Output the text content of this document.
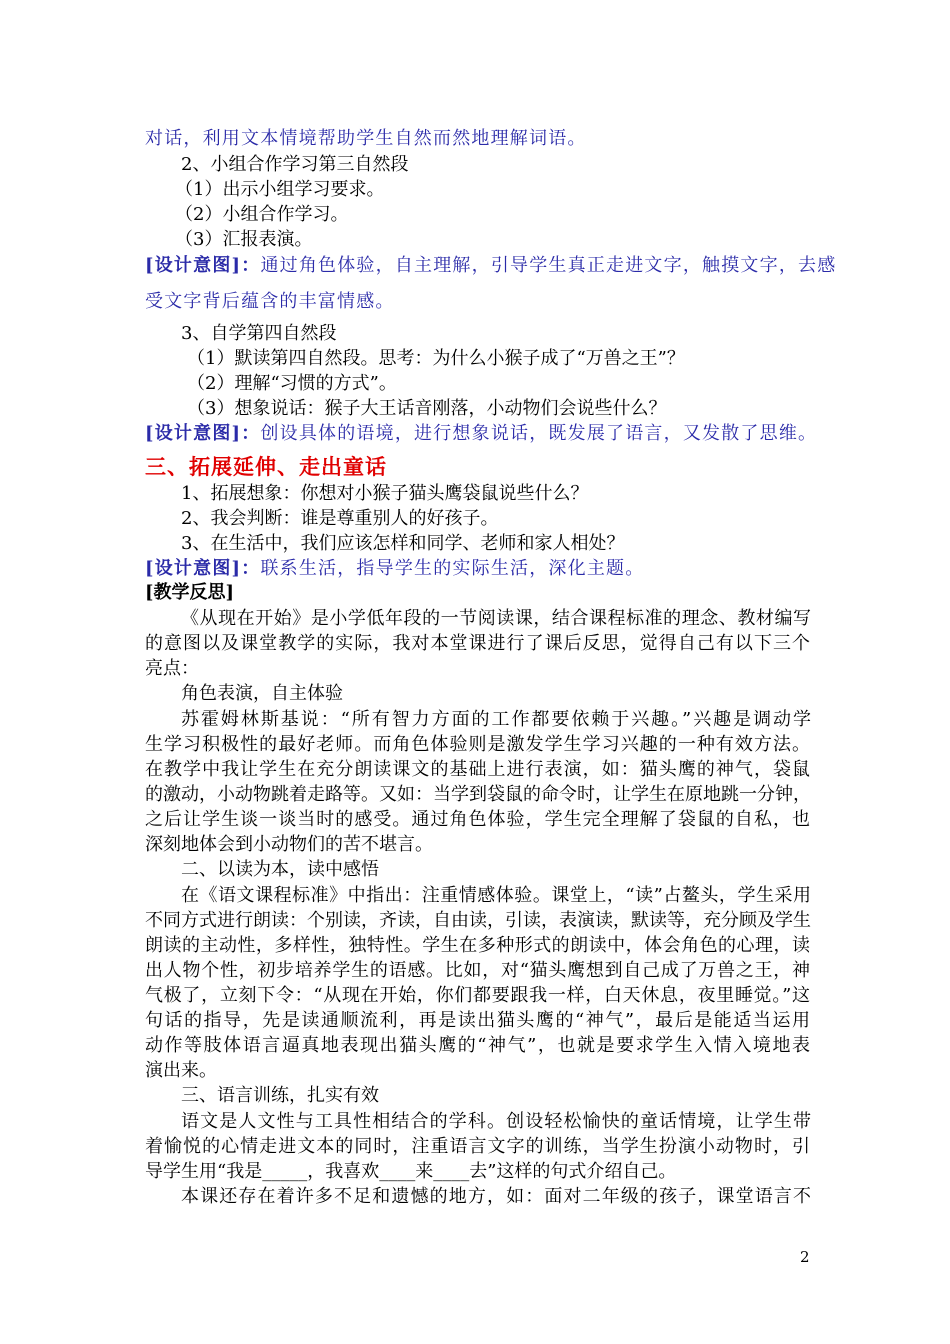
对话，利用文本情境帮助学生自然而然地理解词语。
2、小组合作学习第三自然段
（1）出示小组学习要求。
（2）小组合作学习。
（3）汇报表演。
[设计意图]：通过角色体验，自主理解，引导学生真正走进文字，触摸文字，去感
受文字背后蕴含的丰富情感。
3、自学第四自然段
（1）默读第四自然段。思考：为什么小猴子成了“万兽之王”？
（2）理解“习惯的方式”。
（3）想象说话：猴子大王话音刚落，小动物们会说些什么？
[设计意图]：创设具体的语境，进行想象说话，既发展了语言，又发散了思维。
三、拓展延伸、走出童话
1、拓展想象：你想对小猴子猫头鹰袋鼠说些什么？
2、我会判断：谁是尊重别人的好孩子。
3、在生活中，我们应该怎样和同学、老师和家人相处？
[设计意图]：联系生活，指导学生的实际生活，深化主题。
[教学反思]
《从现在开始》是小学低年段的一节阅读课，结合课程标准的理念、教材编写
的意图以及课堂教学的实际，我对本堂课进行了课后反思，觉得自己有以下三个
亮点：
角色表演，自主体验
苏霍姆林斯基说：“所有智力方面的工作都要依赖于兴趣。”兴趣是调动学
生学习积极性的最好老师。而角色体验则是激发学生学习兴趣的一种有效方法。
在教学中我让学生在充分朗读课文的基础上进行表演，如：猫头鹰的神气，袋鼠
的激动，小动物跳着走路等。又如：当学到袋鼠的命令时，让学生在原地跳一分钟，
之后让学生谈一谈当时的感受。通过角色体验，学生完全理解了袋鼠的自私，也
深刻地体会到小动物们的苦不堪言。
二、以读为本，读中感悟
在《语文课程标准》中指出：注重情感体验。课堂上，“读”占鳌头，学生采用
不同方式进行朗读：个别读，齐读，自由读，引读，表演读，默读等，充分顾及学生
朗读的主动性，多样性，独特性。学生在多种形式的朗读中，体会角色的心理，读
出人物个性，初步培养学生的语感。比如，对“猫头鹰想到自己成了万兽之王，神
气极了，立刻下令：“从现在开始，你们都要跟我一样，白天休息，夜里睡觉。”这
句话的指导，先是读通顺流利，再是读出猫头鹰的“神气”，最后是能适当运用
动作等肢体语言逼真地表现出猫头鹰的“神气”，也就是要求学生入情入境地表
演出来。
三、语言训练，扎实有效
语文是人文性与工具性相结合的学科。创设轻松愉快的童话情境，让学生带
着愉悦的心情走进文本的同时，注重语言文字的训练，当学生扮演小动物时，引
导学生用“我是_____，我喜欢____来____去”这样的句式介绍自己。
本课还存在着许多不足和遗憾的地方，如：面对二年级的孩子，课堂语言不
2
